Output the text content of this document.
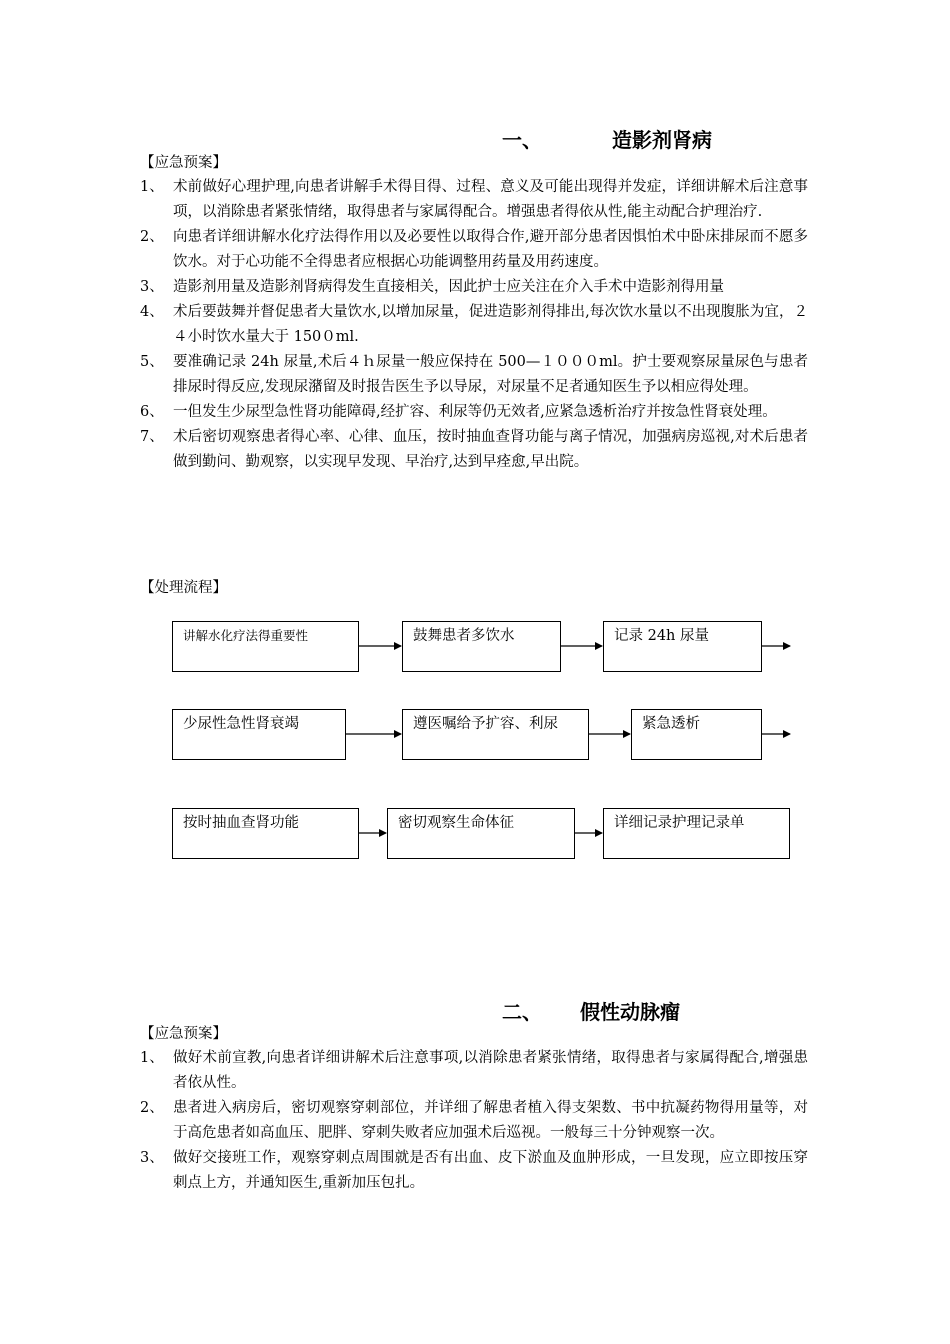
一、	造影剂肾病
【应急预案】
1、 术前做好心理护理,向患者讲解手术得目得、过程、意义及可能出现得并发症，详细讲解术后注意事项，以消除患者紧张情绪，取得患者与家属得配合。增强患者得依从性,能主动配合护理治疗.
2、 向患者详细讲解水化疗法得作用以及必要性以取得合作,避开部分患者因惧怕术中卧床排尿而不愿多饮水。对于心功能不全得患者应根据心功能调整用药量及用药速度。
3、 造影剂用量及造影剂肾病得发生直接相关，因此护士应关注在介入手术中造影剂得用量
4、 术后要鼓舞并督促患者大量饮水,以增加尿量，促进造影剂得排出,每次饮水量以不出现腹胀为宜，２４小时饮水量大于 150０ml.
5、 要准确记录 24h 尿量,术后４ｈ尿量一般应保持在 500—１０００ml。护士要观察尿量尿色与患者排尿时得反应,发现尿潴留及时报告医生予以导尿，对尿量不足者通知医生予以相应得处理。
6、 一但发生少尿型急性肾功能障碍,经扩容、利尿等仍无效者,应紧急透析治疗并按急性肾衰处理。
7、 术后密切观察患者得心率、心律、血压，按时抽血查肾功能与离子情况，加强病房巡视,对术后患者做到勤问、勤观察，以实现早发现、早治疗,达到早痊愈,早出院。
【处理流程】
讲解水化疗法得重要性	鼓舞患者多饮水	记录 24h 尿量
少尿性急性肾衰竭	遵医嘱给予扩容、利尿	紧急透析
按时抽血查肾功能	密切观察生命体征	详细记录护理记录单
二、 假性动脉瘤
【应急预案】
1、 做好术前宣教,向患者详细讲解术后注意事项,以消除患者紧张情绪，取得患者与家属得配合,增强患者依从性。
2、 患者进入病房后，密切观察穿刺部位，并详细了解患者植入得支架数、书中抗凝药物得用量等，对于高危患者如高血压、肥胖、穿刺失败者应加强术后巡视。一般每三十分钟观察一次。
3、 做好交接班工作，观察穿刺点周围就是否有出血、皮下淤血及血肿形成，一旦发现，应立即按压穿刺点上方，并通知医生,重新加压包扎。
